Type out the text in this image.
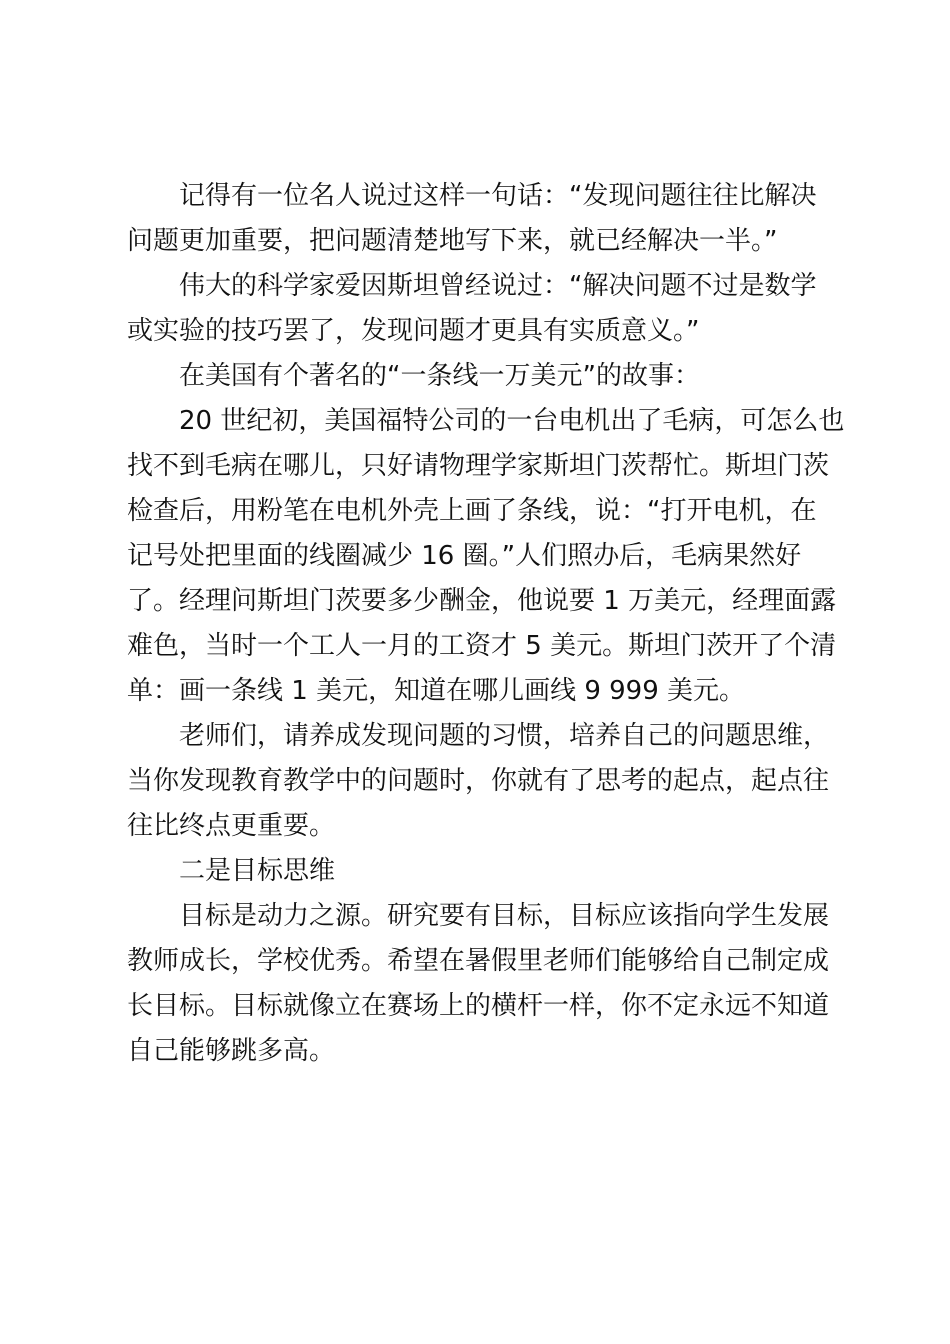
记得有一位名人说过这样一句话：“发现问题往往比解决
问题更加重要，把问题清楚地写下来，就已经解决一半。”
伟大的科学家爱因斯坦曾经说过：“解决问题不过是数学
或实验的技巧罢了，发现问题才更具有实质意义。”
在美国有个著名的“一条线一万美元”的故事：
20 世纪初，美国福特公司的一台电机出了毛病，可怎么也
找不到毛病在哪儿，只好请物理学家斯坦门茨帮忙。斯坦门茨
检查后，用粉笔在电机外壳上画了条线，说：“打开电机，在
记号处把里面的线圈减少 16 圈。”人们照办后，毛病果然好
了。经理问斯坦门茨要多少酬金，他说要 1 万美元，经理面露
难色，当时一个工人一月的工资才 5 美元。斯坦门茨开了个清
单：画一条线 1 美元，知道在哪儿画线 9 999 美元。
老师们，请养成发现问题的习惯，培养自己的问题思维，
当你发现教育教学中的问题时，你就有了思考的起点，起点往
往比终点更重要。
二是目标思维
目标是动力之源。研究要有目标，目标应该指向学生发展
教师成长，学校优秀。希望在暑假里老师们能够给自己制定成
长目标。目标就像立在赛场上的横杆一样，你不定永远不知道
自己能够跳多高。
